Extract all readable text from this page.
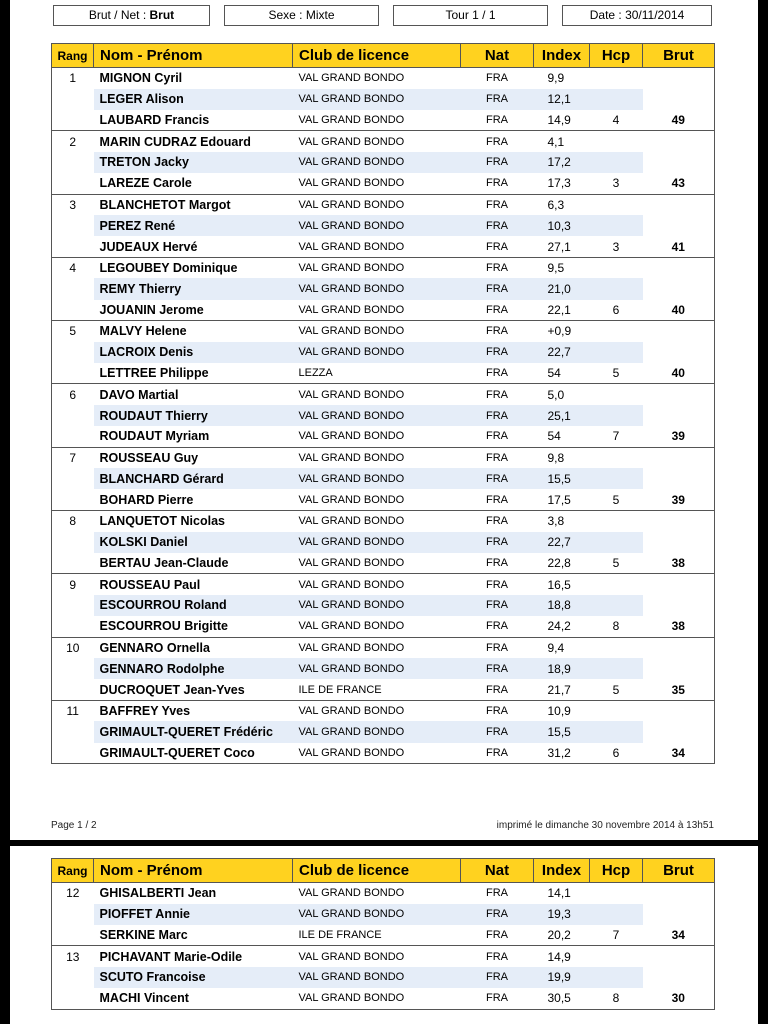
Brut / Net : Brut	Sexe : Mixte	Tour 1 / 1	Date : 30/11/2014
Rang	Nom - Prénom	Club de licence	Nat	Index	Hcp	Brut
1	MIGNON Cyril	VAL GRAND BONDO	FRA	9,9		
	LEGER Alison	VAL GRAND BONDO	FRA	12,1		
	LAUBARD Francis	VAL GRAND BONDO	FRA	14,9	4	49
2	MARIN CUDRAZ Edouard	VAL GRAND BONDO	FRA	4,1		
	TRETON Jacky	VAL GRAND BONDO	FRA	17,2		
	LAREZE Carole	VAL GRAND BONDO	FRA	17,3	3	43
3	BLANCHETOT Margot	VAL GRAND BONDO	FRA	6,3		
	PEREZ René	VAL GRAND BONDO	FRA	10,3		
	JUDEAUX Hervé	VAL GRAND BONDO	FRA	27,1	3	41
4	LEGOUBEY Dominique	VAL GRAND BONDO	FRA	9,5		
	REMY Thierry	VAL GRAND BONDO	FRA	21,0		
	JOUANIN Jerome	VAL GRAND BONDO	FRA	22,1	6	40
5	MALVY Helene	VAL GRAND BONDO	FRA	+0,9		
	LACROIX Denis	VAL GRAND BONDO	FRA	22,7		
	LETTREE Philippe	LEZZA	FRA	54	5	40
6	DAVO Martial	VAL GRAND BONDO	FRA	5,0		
	ROUDAUT Thierry	VAL GRAND BONDO	FRA	25,1		
	ROUDAUT Myriam	VAL GRAND BONDO	FRA	54	7	39
7	ROUSSEAU Guy	VAL GRAND BONDO	FRA	9,8		
	BLANCHARD Gérard	VAL GRAND BONDO	FRA	15,5		
	BOHARD Pierre	VAL GRAND BONDO	FRA	17,5	5	39
8	LANQUETOT Nicolas	VAL GRAND BONDO	FRA	3,8		
	KOLSKI Daniel	VAL GRAND BONDO	FRA	22,7		
	BERTAU Jean-Claude	VAL GRAND BONDO	FRA	22,8	5	38
9	ROUSSEAU Paul	VAL GRAND BONDO	FRA	16,5		
	ESCOURROU Roland	VAL GRAND BONDO	FRA	18,8		
	ESCOURROU Brigitte	VAL GRAND BONDO	FRA	24,2	8	38
10	GENNARO Ornella	VAL GRAND BONDO	FRA	9,4		
	GENNARO Rodolphe	VAL GRAND BONDO	FRA	18,9		
	DUCROQUET Jean-Yves	ILE DE FRANCE	FRA	21,7	5	35
11	BAFFREY Yves	VAL GRAND BONDO	FRA	10,9		
	GRIMAULT-QUERET Frédéric	VAL GRAND BONDO	FRA	15,5		
	GRIMAULT-QUERET Coco	VAL GRAND BONDO	FRA	31,2	6	34
Page 1 / 2	imprimé le dimanche 30 novembre 2014 à 13h51
Rang	Nom - Prénom	Club de licence	Nat	Index	Hcp	Brut
12	GHISALBERTI Jean	VAL GRAND BONDO	FRA	14,1		
	PIOFFET Annie	VAL GRAND BONDO	FRA	19,3		
	SERKINE Marc	ILE DE FRANCE	FRA	20,2	7	34
13	PICHAVANT Marie-Odile	VAL GRAND BONDO	FRA	14,9		
	SCUTO Francoise	VAL GRAND BONDO	FRA	19,9		
	MACHI Vincent	VAL GRAND BONDO	FRA	30,5	8	30
